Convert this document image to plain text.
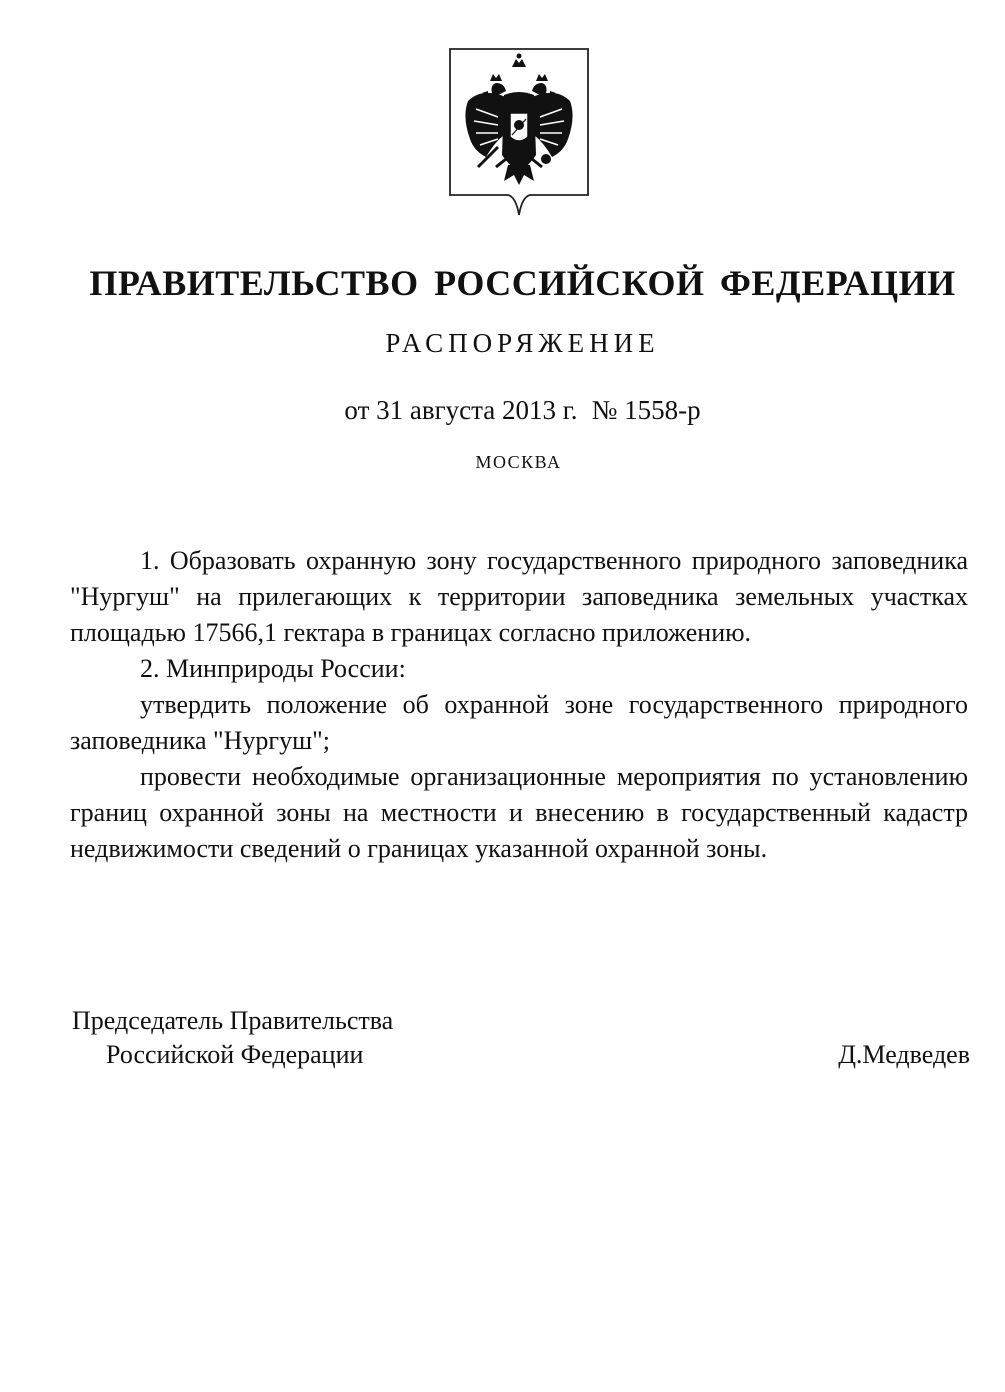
ПРАВИТЕЛЬСТВО РОССИЙСКОЙ ФЕДЕРАЦИИ
РАСПОРЯЖЕНИЕ
от 31 августа 2013 г. № 1558-р
МОСКВА

1. Образовать охранную зону государственного природного заповедника "Нургуш" на прилегающих к территории заповедника земельных участках площадью 17566,1 гектара в границах согласно приложению.

2. Минприроды России:

утвердить положение об охранной зоне государственного природного заповедника "Нургуш";

провести необходимые организационные мероприятия по установлению границ охранной зоны на местности и внесению в государственный кадастр недвижимости сведений о границах указанной охранной зоны.

Председатель Правительства
Российской Федерации	Д.Медведев
